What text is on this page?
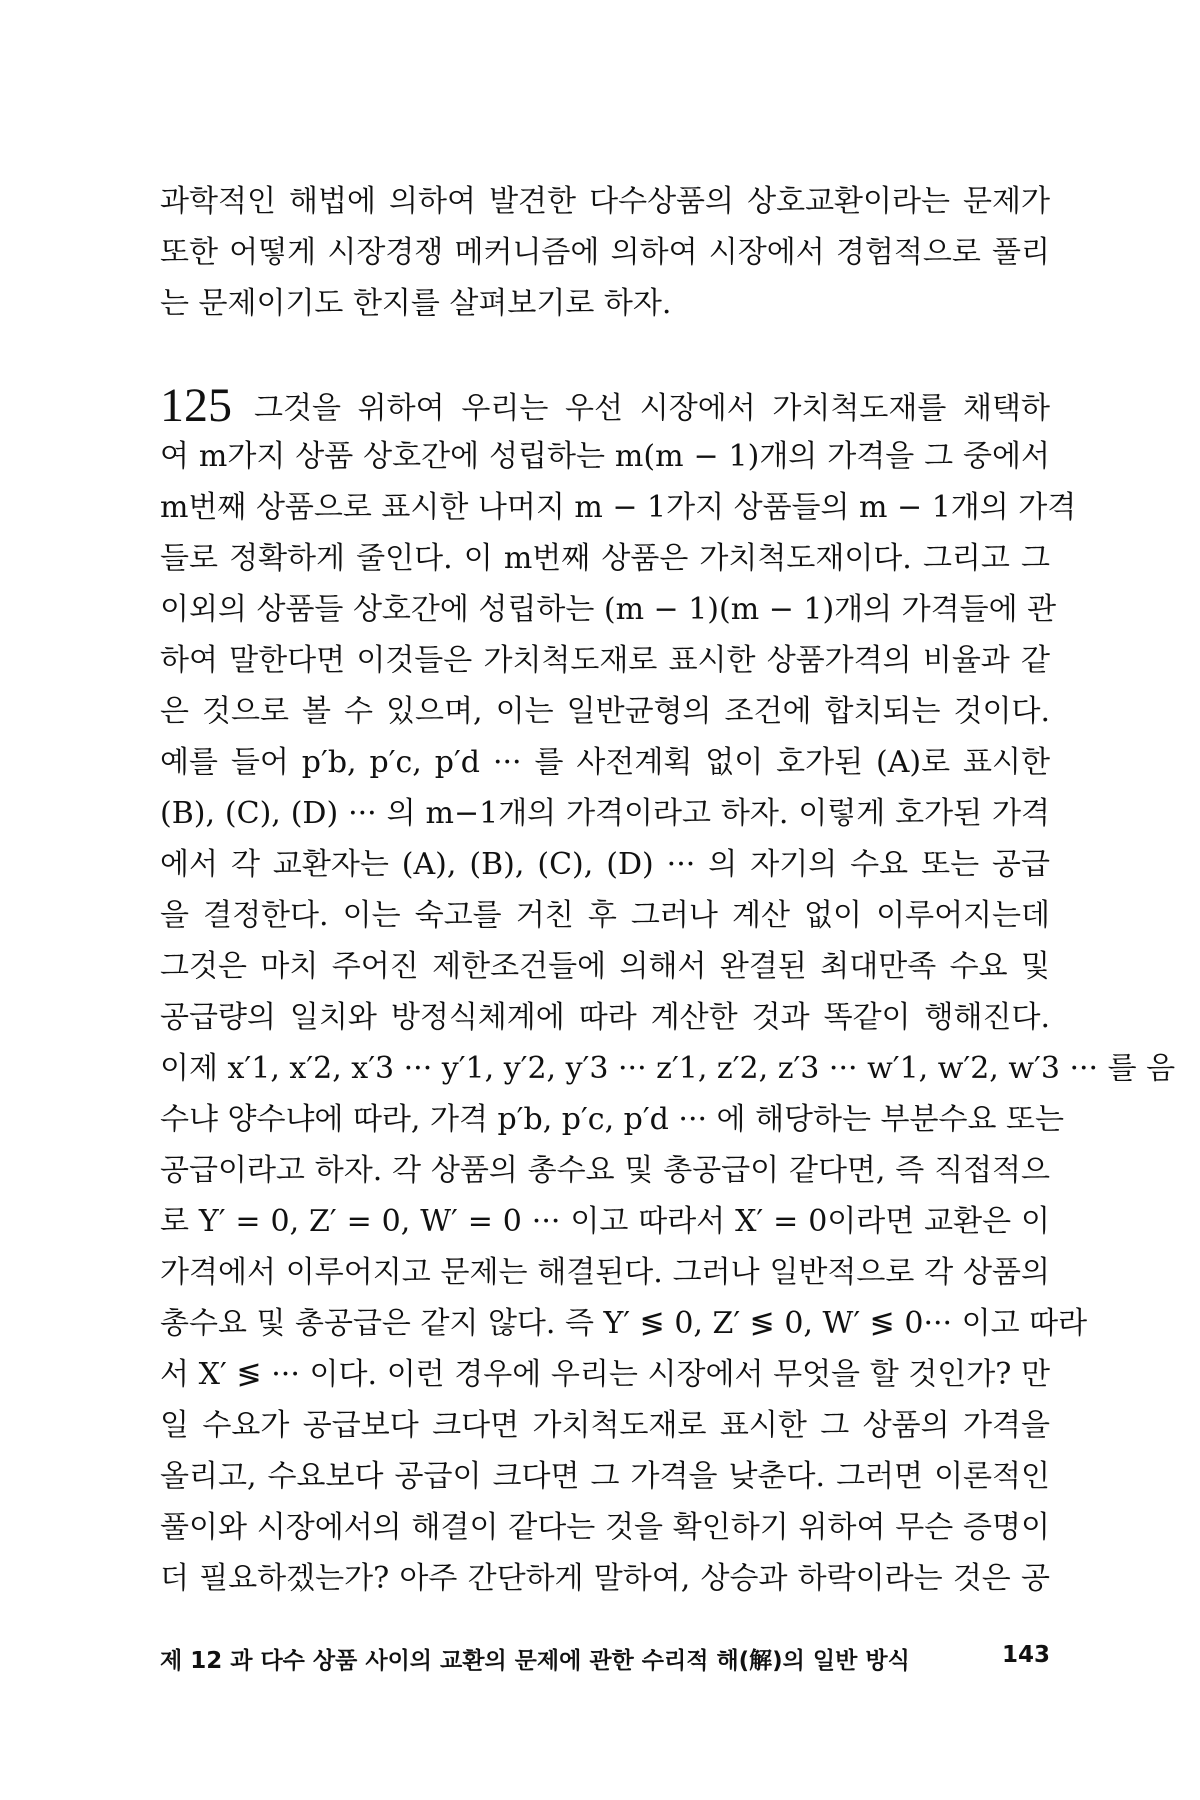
과학적인 해법에 의하여 발견한 다수상품의 상호교환이라는 문제가
또한 어떻게 시장경쟁 메커니즘에 의하여 시장에서 경험적으로 풀리
는 문제이기도 한지를 살펴보기로 하자.
125 그것을 위하여 우리는 우선 시장에서 가치척도재를 채택하
여 m가지 상품 상호간에 성립하는 m(m − 1)개의 가격을 그 중에서
m번째 상품으로 표시한 나머지 m − 1가지 상품들의 m − 1개의 가격
들로 정확하게 줄인다. 이 m번째 상품은 가치척도재이다. 그리고 그
이외의 상품들 상호간에 성립하는 (m − 1)(m − 1)개의 가격들에 관
하여 말한다면 이것들은 가치척도재로 표시한 상품가격의 비율과 같
은 것으로 볼 수 있으며, 이는 일반균형의 조건에 합치되는 것이다.
예를 들어 p′b, p′c, p′d ··· 를 사전계획 없이 호가된 (A)로 표시한
(B), (C), (D) ··· 의 m−1개의 가격이라고 하자. 이렇게 호가된 가격
에서 각 교환자는 (A), (B), (C), (D) ··· 의 자기의 수요 또는 공급
을 결정한다. 이는 숙고를 거친 후 그러나 계산 없이 이루어지는데
그것은 마치 주어진 제한조건들에 의해서 완결된 최대만족 수요 및
공급량의 일치와 방정식체계에 따라 계산한 것과 똑같이 행해진다.
이제 x′1, x′2, x′3 ··· y′1, y′2, y′3 ··· z′1, z′2, z′3 ··· w′1, w′2, w′3 ··· 를 음
수냐 양수냐에 따라, 가격 p′b, p′c, p′d ··· 에 해당하는 부분수요 또는
공급이라고 하자. 각 상품의 총수요 및 총공급이 같다면, 즉 직접적으
로 Y′ = 0, Z′ = 0, W′ = 0 ··· 이고 따라서 X′ = 0이라면 교환은 이
가격에서 이루어지고 문제는 해결된다. 그러나 일반적으로 각 상품의
총수요 및 총공급은 같지 않다. 즉 Y′ ≶ 0, Z′ ≶ 0, W′ ≶ 0··· 이고 따라
서 X′ ≶ ··· 이다. 이런 경우에 우리는 시장에서 무엇을 할 것인가? 만
일 수요가 공급보다 크다면 가치척도재로 표시한 그 상품의 가격을
올리고, 수요보다 공급이 크다면 그 가격을 낮춘다. 그러면 이론적인
풀이와 시장에서의 해결이 같다는 것을 확인하기 위하여 무슨 증명이
더 필요하겠는가? 아주 간단하게 말하여, 상승과 하락이라는 것은 공
제 12 과 다수 상품 사이의 교환의 문제에 관한 수리적 해(解)의 일반 방식	143
